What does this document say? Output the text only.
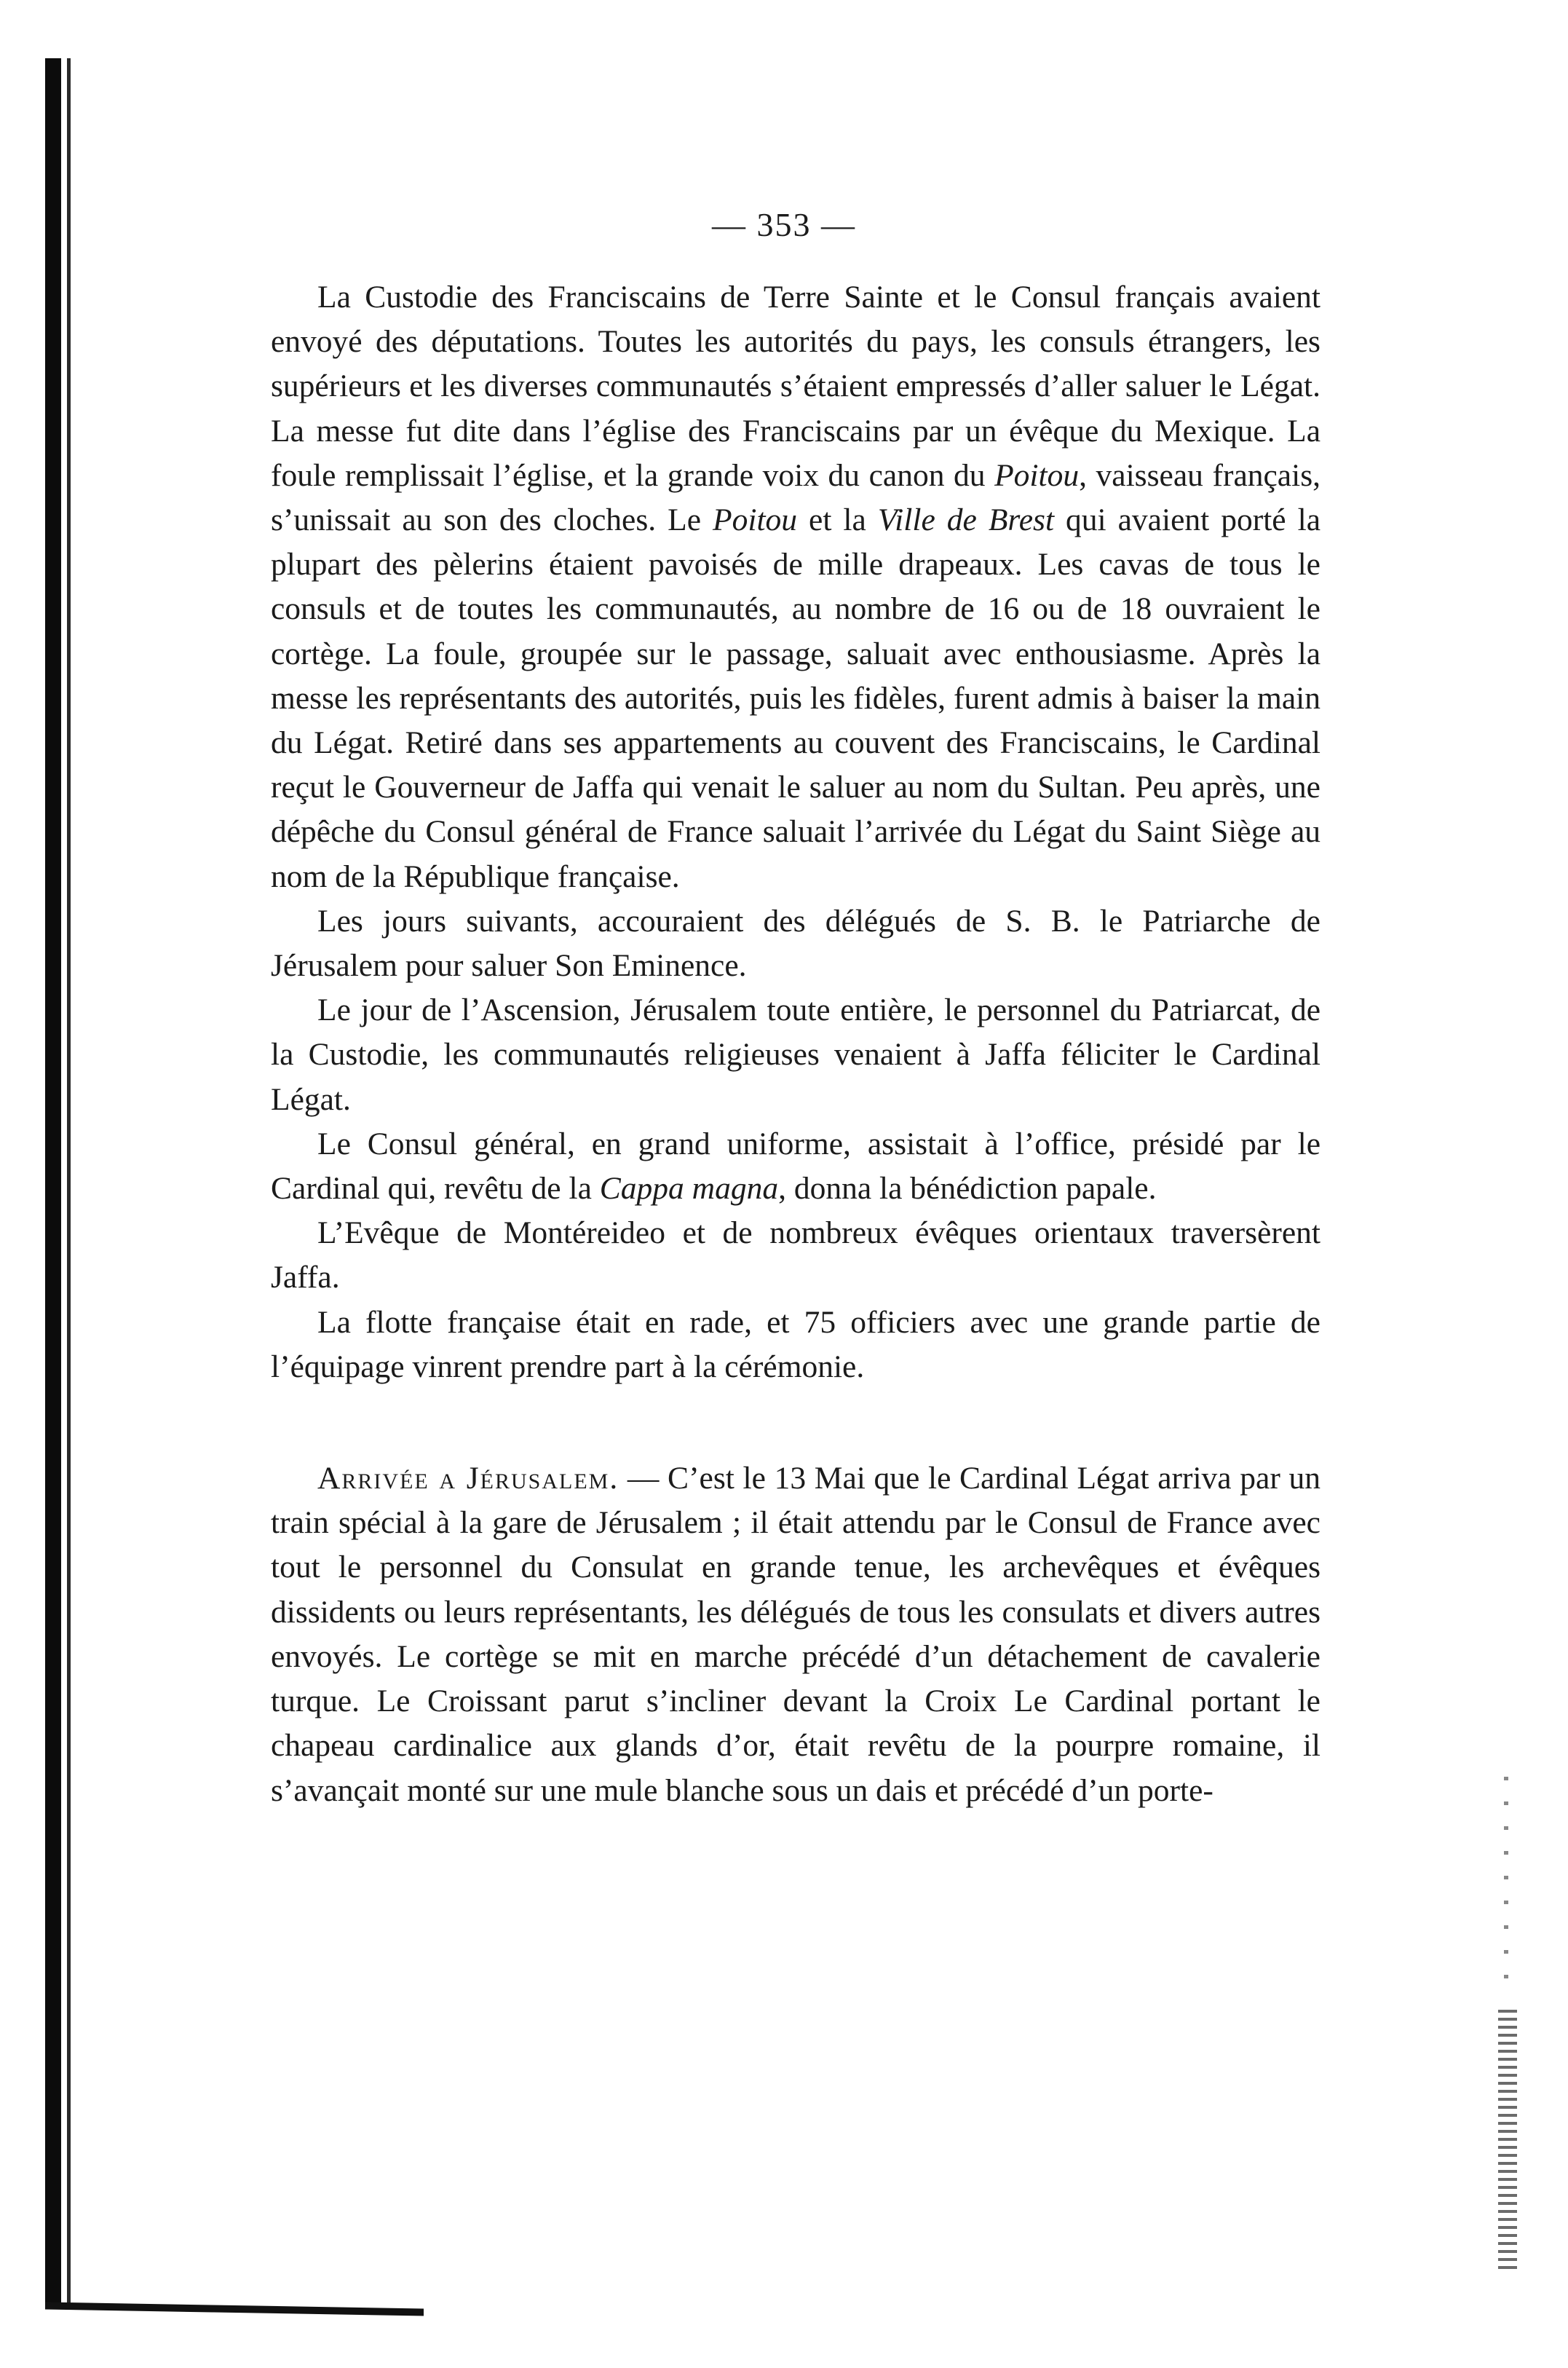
— 353 —

La Custodie des Franciscains de Terre Sainte et le Consul français avaient envoyé des députations. Toutes les autorités du pays, les consuls étrangers, les supérieurs et les diverses communautés s’étaient empressés d’aller saluer le Légat. La messe fut dite dans l’église des Franciscains par un évêque du Mexique. La foule remplissait l’église, et la grande voix du canon du Poitou, vaisseau français, s’unissait au son des cloches. Le Poitou et la Ville de Brest qui avaient porté la plupart des pèlerins étaient pavoisés de mille drapeaux. Les cavas de tous le consuls et de toutes les communautés, au nombre de 16 ou de 18 ouvraient le cortège. La foule, groupée sur le passage, saluait avec enthousiasme. Après la messe les représentants des autorités, puis les fidèles, furent admis à baiser la main du Légat. Retiré dans ses appartements au couvent des Franciscains, le Cardinal reçut le Gouverneur de Jaffa qui venait le saluer au nom du Sultan. Peu après, une dépêche du Consul général de France saluait l’arrivée du Légat du Saint Siège au nom de la République française.

Les jours suivants, accouraient des délégués de S. B. le Patriarche de Jérusalem pour saluer Son Eminence.

Le jour de l’Ascension, Jérusalem toute entière, le personnel du Patriarcat, de la Custodie, les communautés religieuses venaient à Jaffa féliciter le Cardinal Légat.

Le Consul général, en grand uniforme, assistait à l’office, présidé par le Cardinal qui, revêtu de la Cappa magna, donna la bénédiction papale.

L’Evêque de Montéreideo et de nombreux évêques orientaux traversèrent Jaffa.

La flotte française était en rade, et 75 officiers avec une grande partie de l’équipage vinrent prendre part à la cérémonie.

Arrivée a Jérusalem. — C’est le 13 Mai que le Cardinal Légat arriva par un train spécial à la gare de Jérusalem ; il était attendu par le Consul de France avec tout le personnel du Consulat en grande tenue, les archevêques et évêques dissidents ou leurs représentants, les délégués de tous les consulats et divers autres envoyés. Le cortège se mit en marche précédé d’un détachement de cavalerie turque. Le Croissant parut s’incliner devant la Croix Le Cardinal portant le chapeau cardinalice aux glands d’or, était revêtu de la pourpre romaine, il s’avançait monté sur une mule blanche sous un dais et précédé d’un porte-
